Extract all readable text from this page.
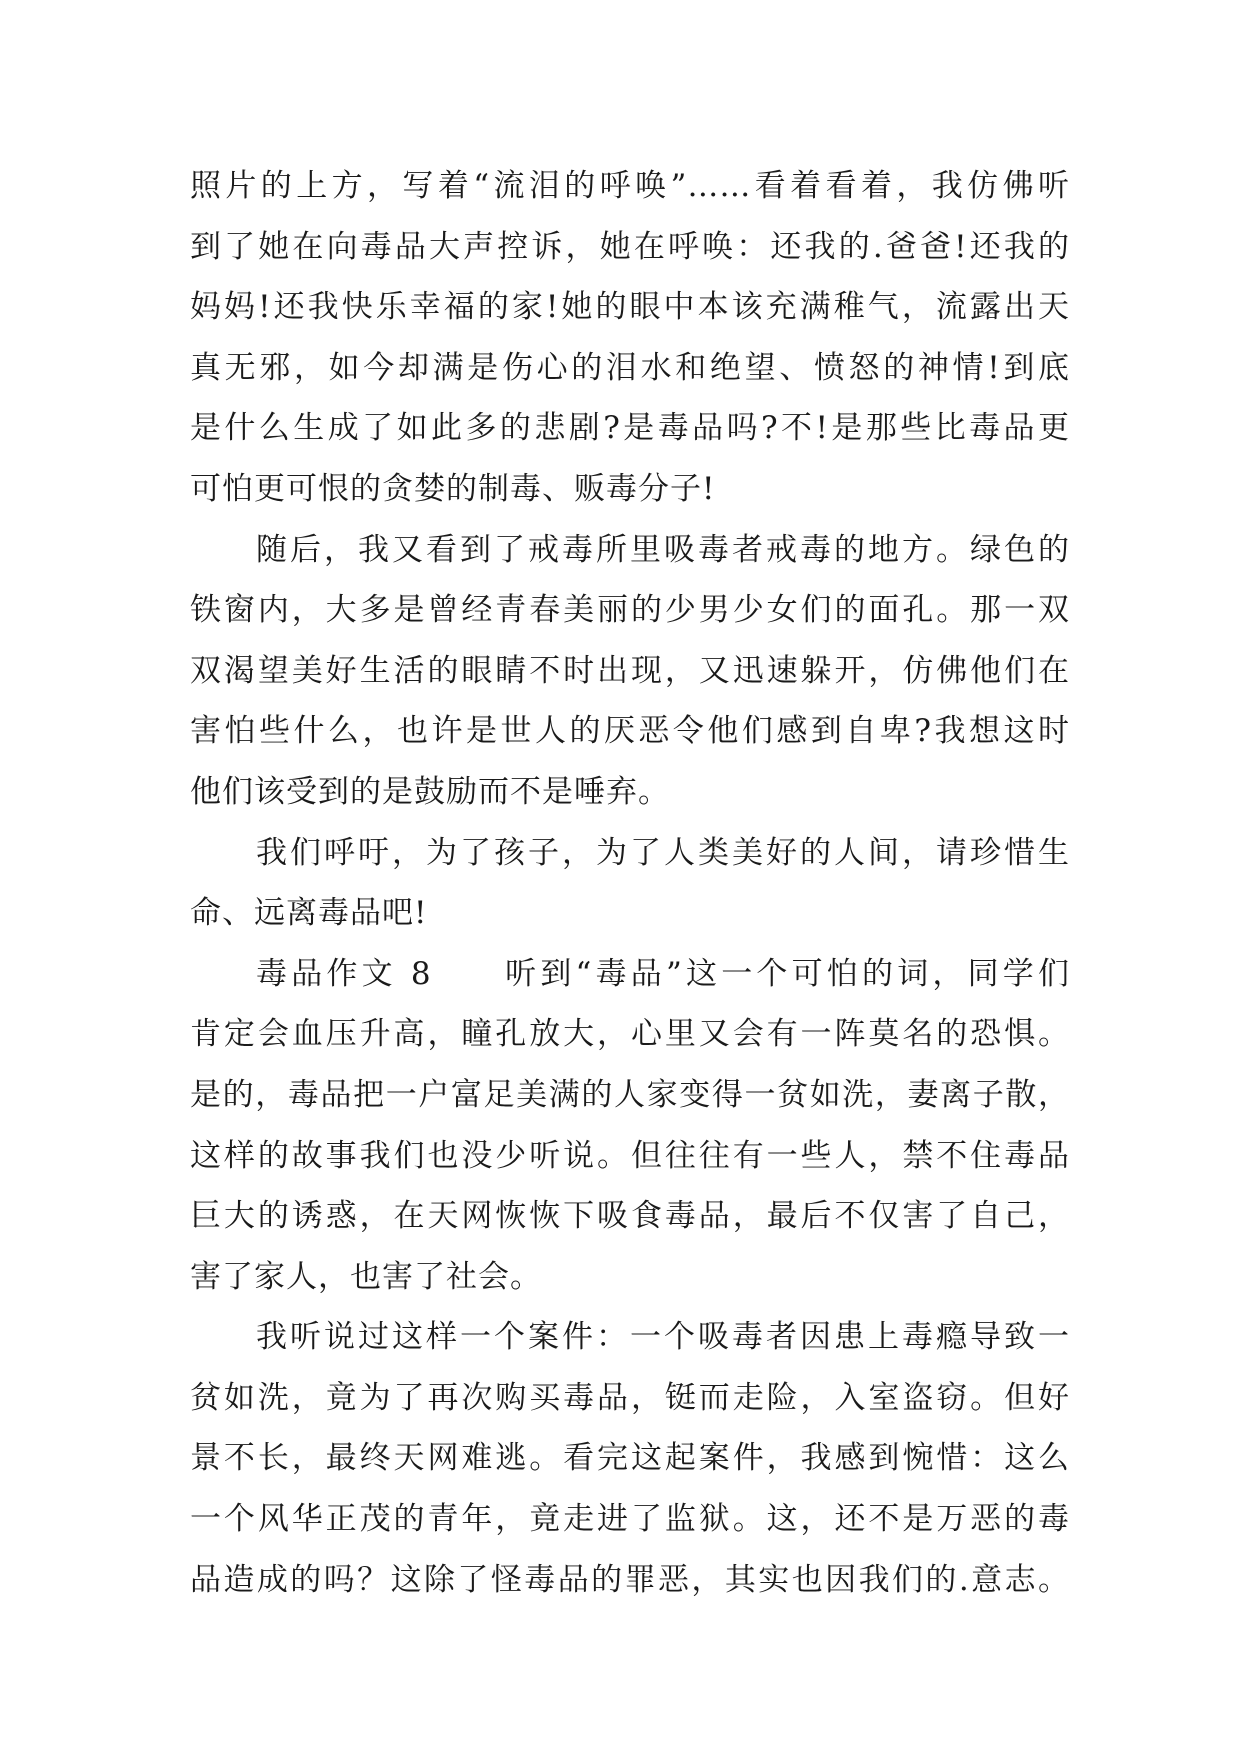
照片的上方，写着“流泪的呼唤”……看着看着，我仿佛听
到了她在向毒品大声控诉，她在呼唤：还我的.爸爸!还我的
妈妈!还我快乐幸福的家!她的眼中本该充满稚气，流露出天
真无邪，如今却满是伤心的泪水和绝望、愤怒的神情!到底
是什么生成了如此多的悲剧?是毒品吗?不!是那些比毒品更
可怕更可恨的贪婪的制毒、贩毒分子!
随后，我又看到了戒毒所里吸毒者戒毒的地方。绿色的
铁窗内，大多是曾经青春美丽的少男少女们的面孔。那一双
双渴望美好生活的眼睛不时出现，又迅速躲开，仿佛他们在
害怕些什么，也许是世人的厌恶令他们感到自卑?我想这时
他们该受到的是鼓励而不是唾弃。
我们呼吁，为了孩子，为了人类美好的人间，请珍惜生
命、远离毒品吧!
毒品作文 8　　听到“毒品”这一个可怕的词，同学们
肯定会血压升高，瞳孔放大，心里又会有一阵莫名的恐惧。
是的，毒品把一户富足美满的人家变得一贫如洗，妻离子散，
这样的故事我们也没少听说。但往往有一些人，禁不住毒品
巨大的诱惑，在天网恢恢下吸食毒品，最后不仅害了自己，
害了家人，也害了社会。
我听说过这样一个案件：一个吸毒者因患上毒瘾导致一
贫如洗，竟为了再次购买毒品，铤而走险，入室盗窃。但好
景不长，最终天网难逃。看完这起案件，我感到惋惜：这么
一个风华正茂的青年，竟走进了监狱。这，还不是万恶的毒
品造成的吗？这除了怪毒品的罪恶，其实也因我们的.意志。
